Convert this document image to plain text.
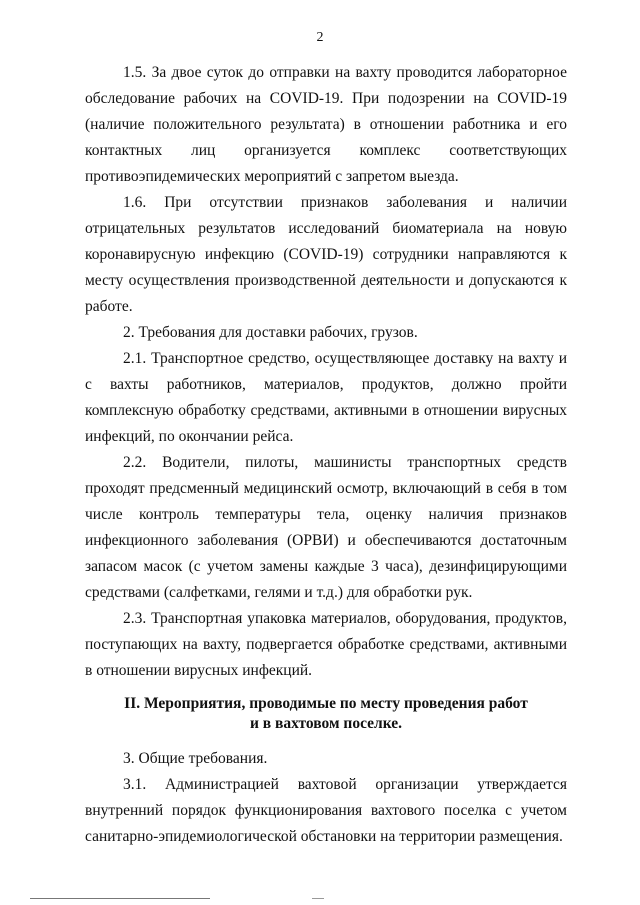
2

1.5. За двое суток до отправки на вахту проводится лабораторное обследование рабочих на COVID-19. При подозрении на COVID-19 (наличие положительного результата) в отношении работника и его контактных лиц организуется комплекс соответствующих противоэпидемических мероприятий с запретом выезда.

1.6. При отсутствии признаков заболевания и наличии отрицательных результатов исследований биоматериала на новую коронавирусную инфекцию (COVID-19) сотрудники направляются к месту осуществления производственной деятельности и допускаются к работе.

2. Требования для доставки рабочих, грузов.

2.1. Транспортное средство, осуществляющее доставку на вахту и с вахты работников, материалов, продуктов, должно пройти комплексную обработку средствами, активными в отношении вирусных инфекций, по окончании рейса.

2.2. Водители, пилоты, машинисты транспортных средств проходят предсменный медицинский осмотр, включающий в себя в том числе контроль температуры тела, оценку наличия признаков инфекционного заболевания (ОРВИ) и обеспечиваются достаточным запасом масок (с учетом замены каждые 3 часа), дезинфицирующими средствами (салфетками, гелями и т.д.) для обработки рук.

2.3. Транспортная упаковка материалов, оборудования, продуктов, поступающих на вахту, подвергается обработке средствами, активными в отношении вирусных инфекций.

II. Мероприятия, проводимые по месту проведения работ
и в вахтовом поселке.

3. Общие требования.

3.1. Администрацией вахтовой организации утверждается внутренний порядок функционирования вахтового поселка с учетом санитарно-эпидемиологической обстановки на территории размещения.
